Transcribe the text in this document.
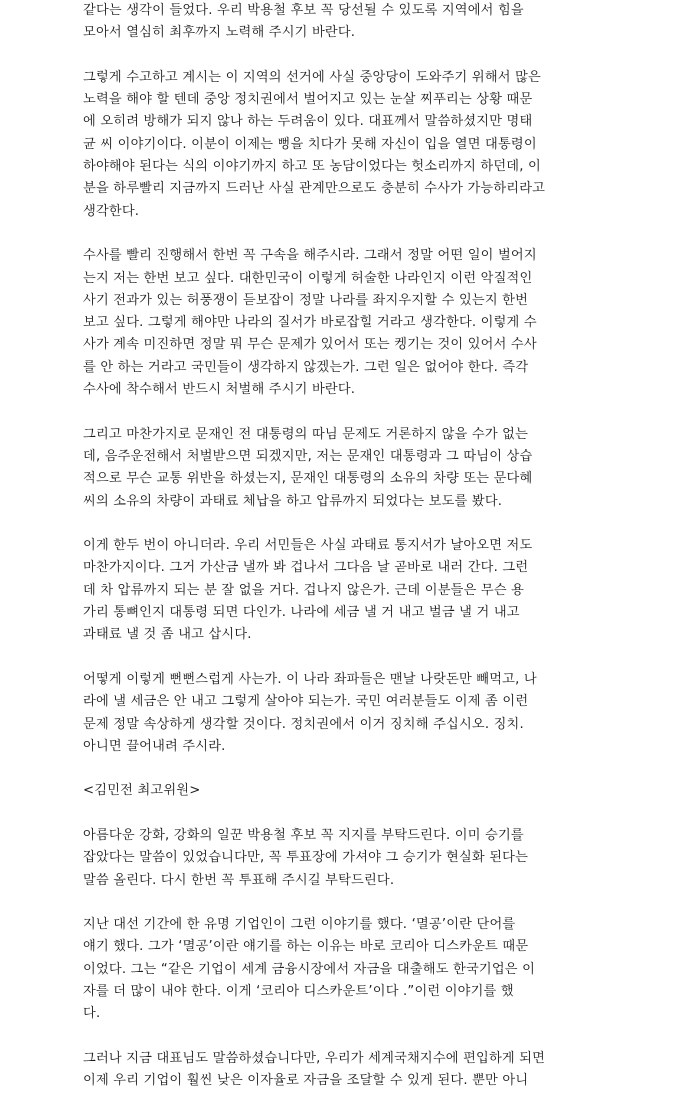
같다는 생각이 들었다. 우리 박용철 후보 꼭 당선될 수 있도록 지역에서 힘을
모아서 열심히 최후까지 노력해 주시기 바란다.
그렇게 수고하고 계시는 이 지역의 선거에 사실 중앙당이 도와주기 위해서 많은
노력을 해야 할 텐데 중앙 정치권에서 벌어지고 있는 눈살 찌푸리는 상황 때문
에 오히려 방해가 되지 않나 하는 두려움이 있다. 대표께서 말씀하셨지만 명태
균 씨 이야기이다. 이분이 이제는 뻥을 치다가 못해 자신이 입을 열면 대통령이
하야해야 된다는 식의 이야기까지 하고 또 농담이었다는 헛소리까지 하던데, 이
분을 하루빨리 지금까지 드러난 사실 관계만으로도 충분히 수사가 가능하리라고
생각한다.
수사를 빨리 진행해서 한번 꼭 구속을 해주시라. 그래서 정말 어떤 일이 벌어지
는지 저는 한번 보고 싶다. 대한민국이 이렇게 허술한 나라인지 이런 악질적인
사기 전과가 있는 허풍쟁이 듣보잡이 정말 나라를 좌지우지할 수 있는지 한번
보고 싶다. 그렇게 해야만 나라의 질서가 바로잡힐 거라고 생각한다. 이렇게 수
사가 계속 미진하면 정말 뭐 무슨 문제가 있어서 또는 켕기는 것이 있어서 수사
를 안 하는 거라고 국민들이 생각하지 않겠는가. 그런 일은 없어야 한다. 즉각
수사에 착수해서 반드시 처벌해 주시기 바란다.
그리고 마찬가지로 문재인 전 대통령의 따님 문제도 거론하지 않을 수가 없는
데, 음주운전해서 처벌받으면 되겠지만, 저는 문재인 대통령과 그 따님이 상습
적으로 무슨 교통 위반을 하셨는지, 문재인 대통령의 소유의 차량 또는 문다혜
씨의 소유의 차량이 과태료 체납을 하고 압류까지 되었다는 보도를 봤다.
이게 한두 번이 아니더라. 우리 서민들은 사실 과태료 통지서가 날아오면 저도
마찬가지이다. 그거 가산금 낼까 봐 겁나서 그다음 날 곧바로 내러 간다. 그런
데 차 압류까지 되는 분 잘 없을 거다. 겁나지 않은가. 근데 이분들은 무슨 용
가리 통뼈인지 대통령 되면 다인가. 나라에 세금 낼 거 내고 벌금 낼 거 내고
과태료 낼 것 좀 내고 삽시다.
어떻게 이렇게 뻔뻔스럽게 사는가. 이 나라 좌파들은 맨날 나랏돈만 빼먹고, 나
라에 낼 세금은 안 내고 그렇게 살아야 되는가. 국민 여러분들도 이제 좀 이런
문제 정말 속상하게 생각할 것이다. 정치권에서 이거 징치해 주십시오. 징치.
아니면 끌어내려 주시라.
<김민전 최고위원>
아름다운 강화, 강화의 일꾼 박용철 후보 꼭 지지를 부탁드린다. 이미 승기를
잡았다는 말씀이 있었습니다만, 꼭 투표장에 가셔야 그 승기가 현실화 된다는
말씀 올린다. 다시 한번 꼭 투표해 주시길 부탁드린다.
지난 대선 기간에 한 유명 기업인이 그런 이야기를 했다. ‘멸공’이란 단어를
얘기 했다. 그가 ‘멸공’이란 얘기를 하는 이유는 바로 코리아 디스카운트 때문
이었다. 그는 “같은 기업이 세계 금융시장에서 자금을 대출해도 한국기업은 이
자를 더 많이 내야 한다. 이게 ‘코리아 디스카운트’이다 .”이런 이야기를 했
다.
그러나 지금 대표님도 말씀하셨습니다만, 우리가 세계국채지수에 편입하게 되면
이제 우리 기업이 훨씬 낮은 이자율로 자금을 조달할 수 있게 된다. 뿐만 아니
